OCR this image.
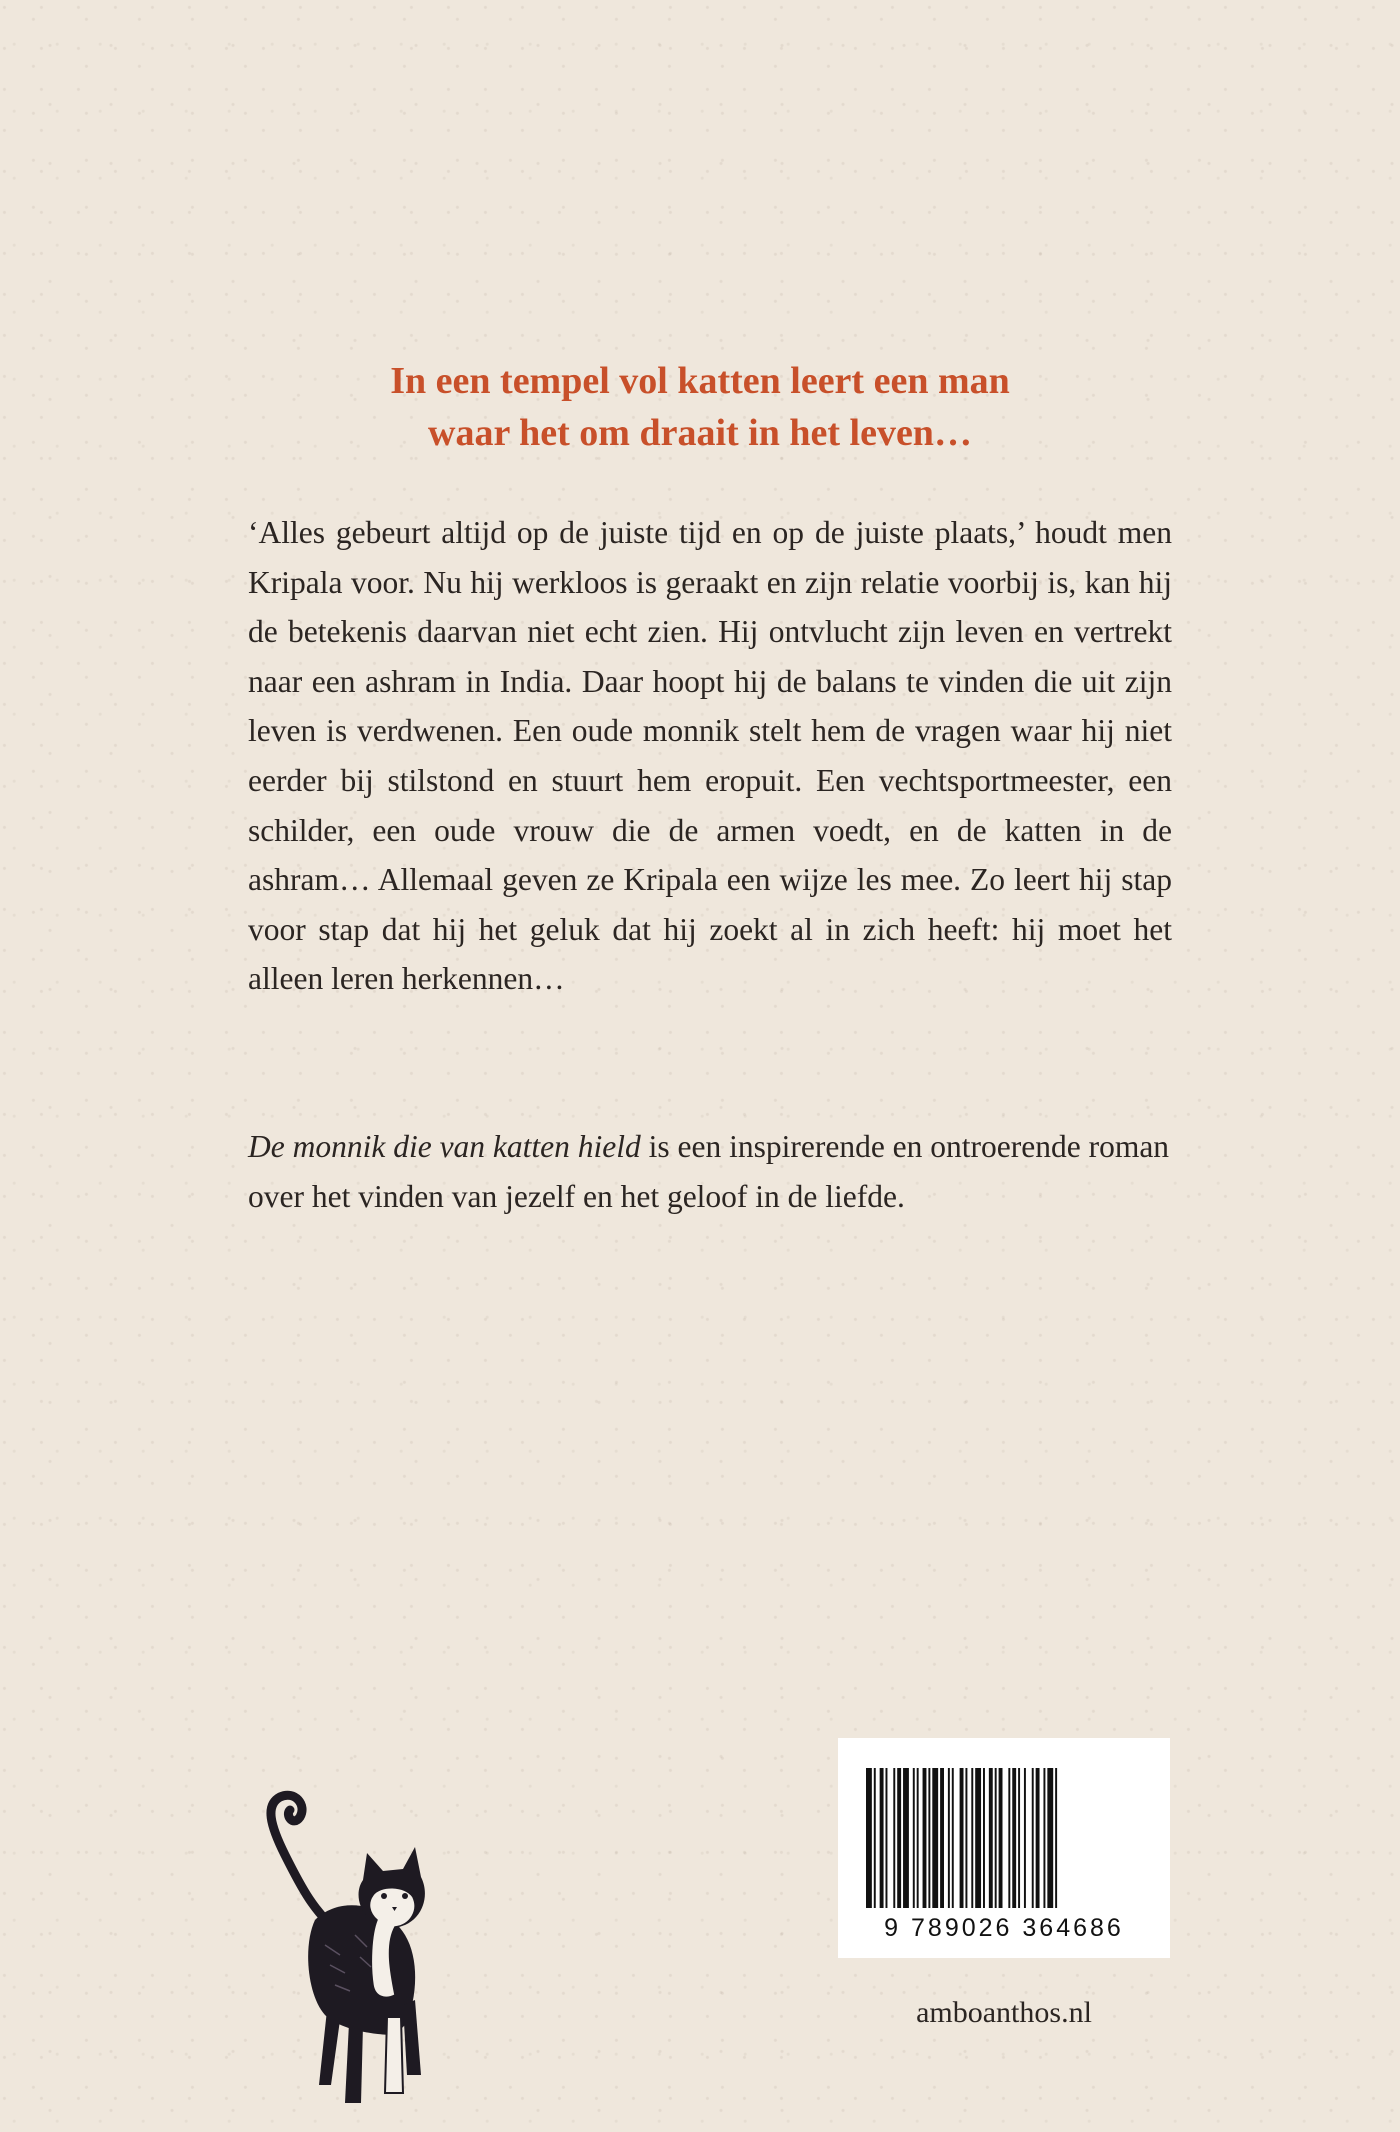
In een tempel vol katten leert een man
waar het om draait in het leven…

‘Alles gebeurt altijd op de juiste tijd en op de juiste plaats,’ houdt men Kripala voor. Nu hij werkloos is geraakt en zijn relatie voorbij is, kan hij de betekenis daarvan niet echt zien. Hij ontvlucht zijn leven en vertrekt naar een ashram in India. Daar hoopt hij de balans te vinden die uit zijn leven is verdwenen. Een oude monnik stelt hem de vragen waar hij niet eerder bij stilstond en stuurt hem eropuit. Een vechtsportmeester, een schilder, een oude vrouw die de armen voedt, en de katten in de ashram… Allemaal geven ze Kripala een wijze les mee. Zo leert hij stap voor stap dat hij het geluk dat hij zoekt al in zich heeft: hij moet het alleen leren herkennen…

De monnik die van katten hield is een inspirerende en ontroerende roman over het vinden van jezelf en het geloof in de liefde.

9 789026 364686
amboanthos.nl
